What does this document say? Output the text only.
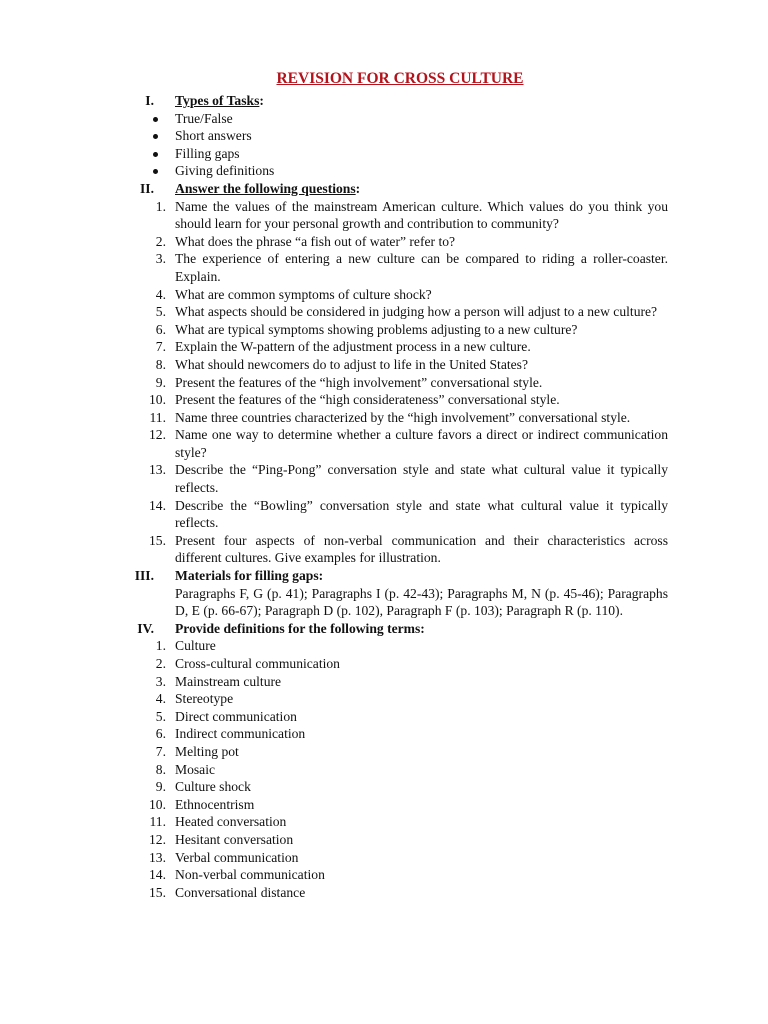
REVISION FOR CROSS CULTURE
I. Types of Tasks:
True/False
Short answers
Filling gaps
Giving definitions
II. Answer the following questions:
1. Name the values of the mainstream American culture. Which values do you think you should learn for your personal growth and contribution to community?
2. What does the phrase “a fish out of water” refer to?
3. The experience of entering a new culture can be compared to riding a roller-coaster. Explain.
4. What are common symptoms of culture shock?
5. What aspects should be considered in judging how a person will adjust to a new culture?
6. What are typical symptoms showing problems adjusting to a new culture?
7. Explain the W-pattern of the adjustment process in a new culture.
8. What should newcomers do to adjust to life in the United States?
9. Present the features of the “high involvement” conversational style.
10. Present the features of the “high considerateness” conversational style.
11. Name three countries characterized by the “high involvement” conversational style.
12. Name one way to determine whether a culture favors a direct or indirect communication style?
13. Describe the “Ping-Pong” conversation style and state what cultural value it typically reflects.
14. Describe the “Bowling” conversation style and state what cultural value it typically reflects.
15. Present four aspects of non-verbal communication and their characteristics across different cultures. Give examples for illustration.
III. Materials for filling gaps:
Paragraphs F, G (p. 41); Paragraphs I (p. 42-43); Paragraphs M, N (p. 45-46); Paragraphs D, E (p. 66-67); Paragraph D (p. 102), Paragraph F (p. 103); Paragraph R (p. 110).
IV. Provide definitions for the following terms:
1. Culture
2. Cross-cultural communication
3. Mainstream culture
4. Stereotype
5. Direct communication
6. Indirect communication
7. Melting pot
8. Mosaic
9. Culture shock
10. Ethnocentrism
11. Heated conversation
12. Hesitant conversation
13. Verbal communication
14. Non-verbal communication
15. Conversational distance
